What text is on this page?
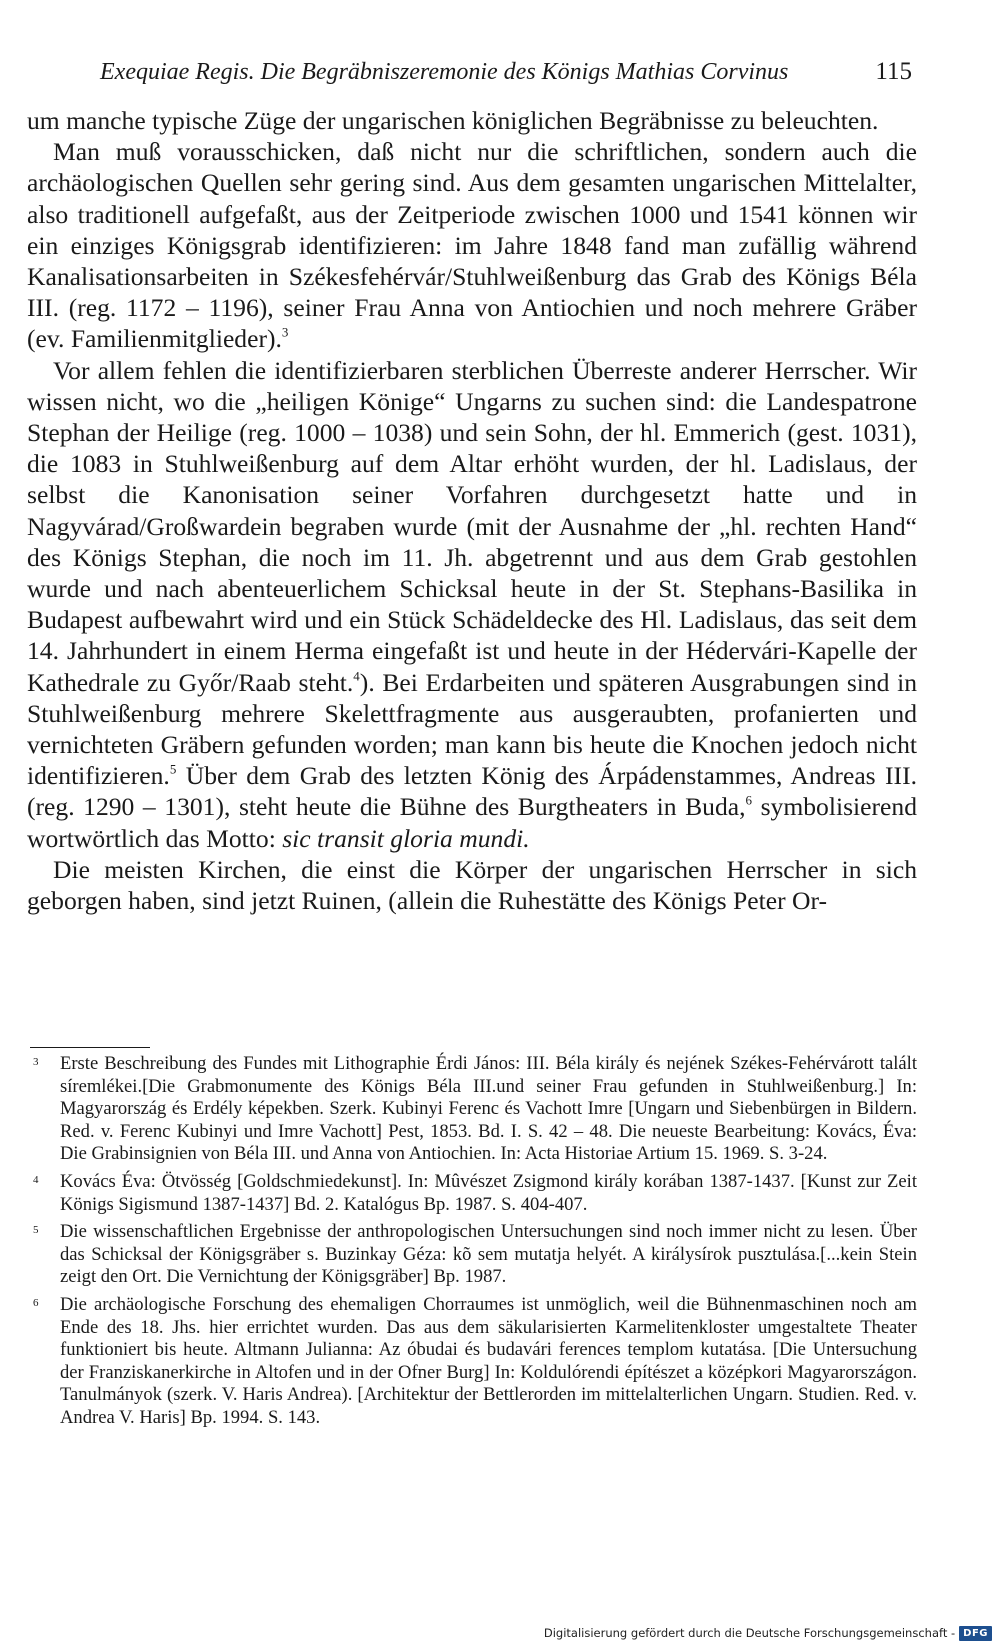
Exequiae Regis. Die Begräbniszeremonie des Königs Mathias Corvinus	115

um manche typische Züge der ungarischen königlichen Begräbnisse zu beleuchten.

Man muß vorausschicken, daß nicht nur die schriftlichen, sondern auch die archäologischen Quellen sehr gering sind. Aus dem gesamten ungarischen Mittelalter, also traditionell aufgefaßt, aus der Zeitperiode zwischen 1000 und 1541 können wir ein einziges Königsgrab identifizieren: im Jahre 1848 fand man zufällig während Kanalisationsarbeiten in Székesfehérvár/Stuhlweißenburg das Grab des Königs Béla III. (reg. 1172 – 1196), seiner Frau Anna von Antiochien und noch mehrere Gräber (ev. Familienmitglieder).$^3$

Vor allem fehlen die identifizierbaren sterblichen Überreste anderer Herrscher. Wir wissen nicht, wo die „heiligen Könige“ Ungarns zu suchen sind: die Landespatrone Stephan der Heilige (reg. 1000 – 1038) und sein Sohn, der hl. Emmerich (gest. 1031), die 1083 in Stuhlweißenburg auf dem Altar erhöht wurden, der hl. Ladislaus, der selbst die Kanonisation seiner Vorfahren durchgesetzt hatte und in Nagyvárad/Großwardein begraben wurde (mit der Ausnahme der „hl. rechten Hand“ des Königs Stephan, die noch im 11. Jh. abgetrennt und aus dem Grab gestohlen wurde und nach abenteuerlichem Schicksal heute in der St. Stephans-Basilika in Budapest aufbewahrt wird und ein Stück Schädeldecke des Hl. Ladislaus, das seit dem 14. Jahrhundert in einem Herma eingefaßt ist und heute in der Hédervári-Kapelle der Kathedrale zu Győr/Raab steht.$^4$). Bei Erdarbeiten und späteren Ausgrabungen sind in Stuhlweißenburg mehrere Skelettfragmente aus ausgeraubten, profanierten und vernichteten Gräbern gefunden worden; man kann bis heute die Knochen jedoch nicht identifizieren.$^5$ Über dem Grab des letzten König des Árpádenstammes, Andreas III. (reg. 1290 – 1301), steht heute die Bühne des Burgtheaters in Buda,$^6$ symbolisierend wortwörtlich das Motto: sic transit gloria mundi.

Die meisten Kirchen, die einst die Körper der ungarischen Herrscher in sich geborgen haben, sind jetzt Ruinen, (allein die Ruhestätte des Königs Peter Or-

3 Erste Beschreibung des Fundes mit Lithographie Érdi János: III. Béla király és nejének Székes-Fehérvárott talált síremlékei.[Die Grabmonumente des Königs Béla III.und seiner Frau gefunden in Stuhlweißenburg.] In: Magyarország és Erdély képekben. Szerk. Kubinyi Ferenc és Vachott Imre [Ungarn und Siebenbürgen in Bildern. Red. v. Ferenc Kubinyi und Imre Vachott] Pest, 1853. Bd. I. S. 42 – 48. Die neueste Bearbeitung: Kovács, Éva: Die Grabinsignien von Béla III. und Anna von Antiochien. In: Acta Historiae Artium 15. 1969. S. 3-24.
4 Kovács Éva: Ötvösség [Goldschmiedekunst]. In: Mûvészet Zsigmond király korában 1387-1437. [Kunst zur Zeit Königs Sigismund 1387-1437] Bd. 2. Katalógus Bp. 1987. S. 404-407.
5 Die wissenschaftlichen Ergebnisse der anthropologischen Untersuchungen sind noch immer nicht zu lesen. Über das Schicksal der Königsgräber s. Buzinkay Géza: kõ sem mutatja helyét. A királysírok pusztulása.[...kein Stein zeigt den Ort. Die Vernichtung der Königsgräber] Bp. 1987.
6 Die archäologische Forschung des ehemaligen Chorraumes ist unmöglich, weil die Bühnenmaschinen noch am Ende des 18. Jhs. hier errichtet wurden. Das aus dem säkularisierten Karmelitenkloster umgestaltete Theater funktioniert bis heute. Altmann Julianna: Az óbudai és budavári ferences templom kutatása. [Die Untersuchung der Franziskanerkirche in Altofen und in der Ofner Burg] In: Koldulórendi építészet a középkori Magyarországon. Tanulmányok (szerk. V. Haris Andrea). [Architektur der Bettlerorden im mittelalterlichen Ungarn. Studien. Red. v. Andrea V. Haris] Bp. 1994. S. 143.
Digitalisierung gefördert durch die Deutsche Forschungsgemeinschaft - DFG
